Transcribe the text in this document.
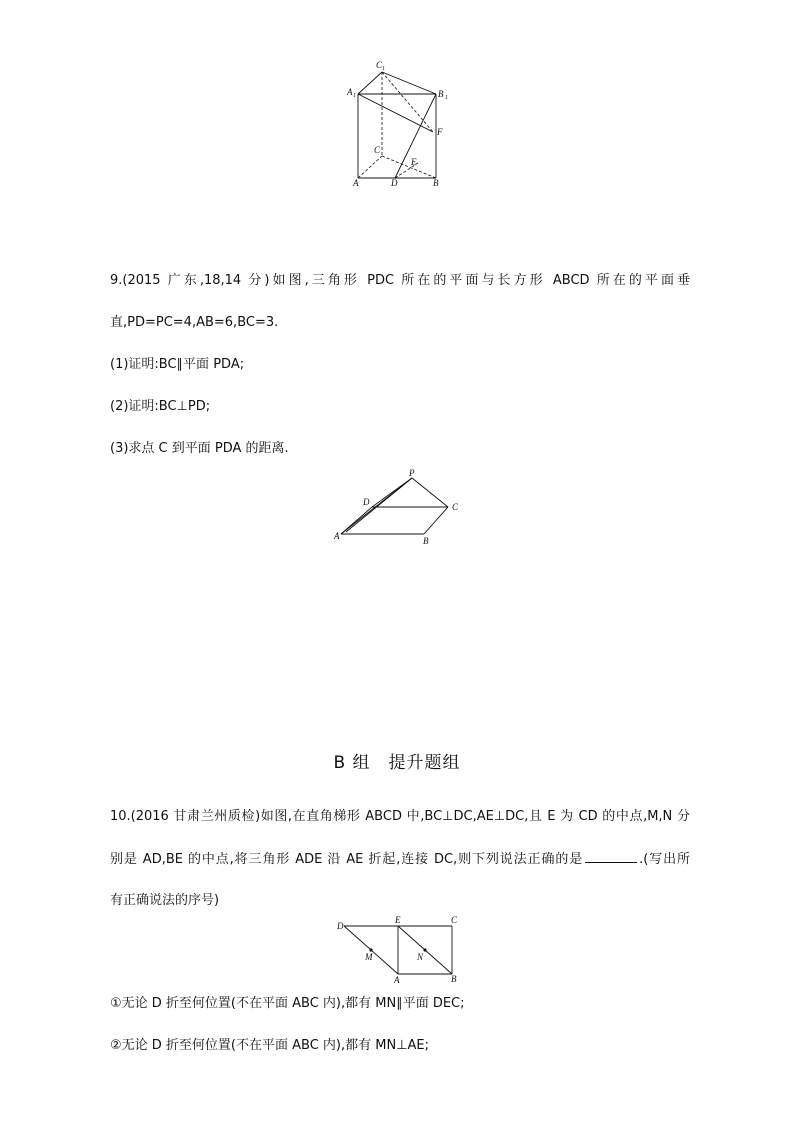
C 1
A 1	B 1
F
C
E
A	D	B
9.(2015 广东,18,14 分)如图,三角形 PDC 所在的平面与长方形 ABCD 所在的平面垂
直,PD=PC=4,AB=6,BC=3.
(1)证明:BC∥平面 PDA;
(2)证明:BC⊥PD;
(3)求点 C 到平面 PDA 的距离.
P
D	C
A	B
B 组　提升题组
10.(2016 甘肃兰州质检)如图,在直角梯形 ABCD 中,BC⊥DC,AE⊥DC,且 E 为 CD 的中点,M,N 分
别是 AD,BE 的中点,将三角形 ADE 沿 AE 折起,连接 DC,则下列说法正确的是	.(写出所
有正确说法的序号)
D
E	C
M	N
A	B
①无论 D 折至何位置(不在平面 ABC 内),都有 MN∥平面 DEC;
②无论 D 折至何位置(不在平面 ABC 内),都有 MN⊥AE;
